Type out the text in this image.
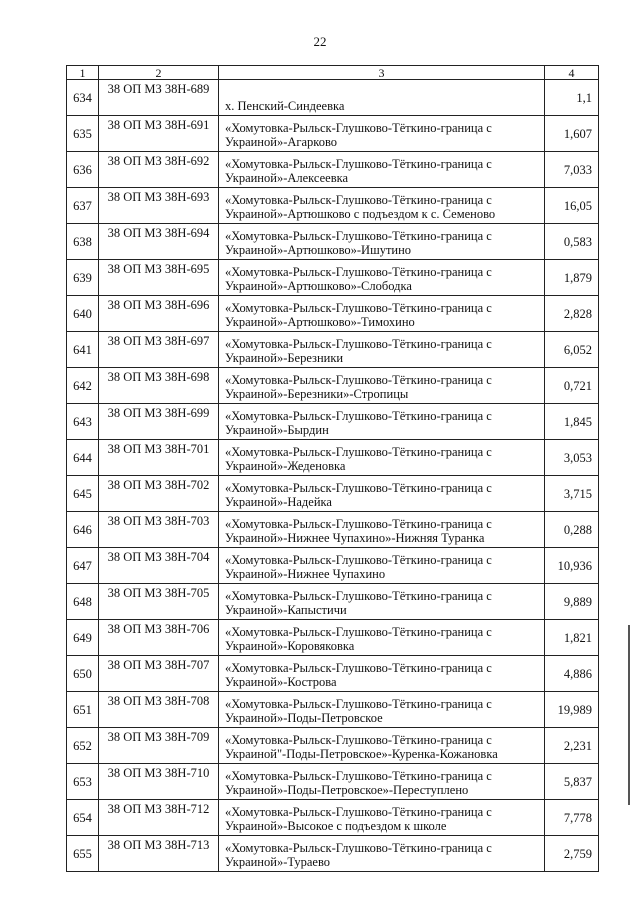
22
1	2	3	4
634	38 ОП МЗ 38Н-689	х. Пенский-Синдеевка	1,1
635	38 ОП МЗ 38Н-691	«Хомутовка-Рыльск-Глушково-Тёткино-граница с Украиной»-Агарково	1,607
636	38 ОП МЗ 38Н-692	«Хомутовка-Рыльск-Глушково-Тёткино-граница с Украиной»-Алексеевка	7,033
637	38 ОП МЗ 38Н-693	«Хомутовка-Рыльск-Глушково-Тёткино-граница с Украиной»-Артюшково с подъездом к с. Семеново	16,05
638	38 ОП МЗ 38Н-694	«Хомутовка-Рыльск-Глушково-Тёткино-граница с Украиной»-Артюшково»-Ишутино	0,583
639	38 ОП МЗ 38Н-695	«Хомутовка-Рыльск-Глушково-Тёткино-граница с Украиной»-Артюшково»-Слободка	1,879
640	38 ОП МЗ 38Н-696	«Хомутовка-Рыльск-Глушково-Тёткино-граница с Украиной»-Артюшково»-Тимохино	2,828
641	38 ОП МЗ 38Н-697	«Хомутовка-Рыльск-Глушково-Тёткино-граница с Украиной»-Березники	6,052
642	38 ОП МЗ 38Н-698	«Хомутовка-Рыльск-Глушково-Тёткино-граница с Украиной»-Березники»-Стропицы	0,721
643	38 ОП МЗ 38Н-699	«Хомутовка-Рыльск-Глушково-Тёткино-граница с Украиной»-Бырдин	1,845
644	38 ОП МЗ 38Н-701	«Хомутовка-Рыльск-Глушково-Тёткино-граница с Украиной»-Жеденовка	3,053
645	38 ОП МЗ 38Н-702	«Хомутовка-Рыльск-Глушково-Тёткино-граница с Украиной»-Надейка	3,715
646	38 ОП МЗ 38Н-703	«Хомутовка-Рыльск-Глушково-Тёткино-граница с Украиной»-Нижнее Чупахино»-Нижняя Туранка	0,288
647	38 ОП МЗ 38Н-704	«Хомутовка-Рыльск-Глушково-Тёткино-граница с Украиной»-Нижнее Чупахино	10,936
648	38 ОП МЗ 38Н-705	«Хомутовка-Рыльск-Глушково-Тёткино-граница с Украиной»-Капыстичи	9,889
649	38 ОП МЗ 38Н-706	«Хомутовка-Рыльск-Глушково-Тёткино-граница с Украиной»-Коровяковка	1,821
650	38 ОП МЗ 38Н-707	«Хомутовка-Рыльск-Глушково-Тёткино-граница с Украиной»-Кострова	4,886
651	38 ОП МЗ 38Н-708	«Хомутовка-Рыльск-Глушково-Тёткино-граница с Украиной»-Поды-Петровское	19,989
652	38 ОП МЗ 38Н-709	«Хомутовка-Рыльск-Глушково-Тёткино-граница с Украиной"-Поды-Петровское»-Куренка-Кожановка	2,231
653	38 ОП МЗ 38Н-710	«Хомутовка-Рыльск-Глушково-Тёткино-граница с Украиной»-Поды-Петровское»-Переступлено	5,837
654	38 ОП МЗ 38Н-712	«Хомутовка-Рыльск-Глушково-Тёткино-граница с Украиной»-Высокое с подъездом к школе	7,778
655	38 ОП МЗ 38Н-713	«Хомутовка-Рыльск-Глушково-Тёткино-граница с Украиной»-Тураево	2,759
